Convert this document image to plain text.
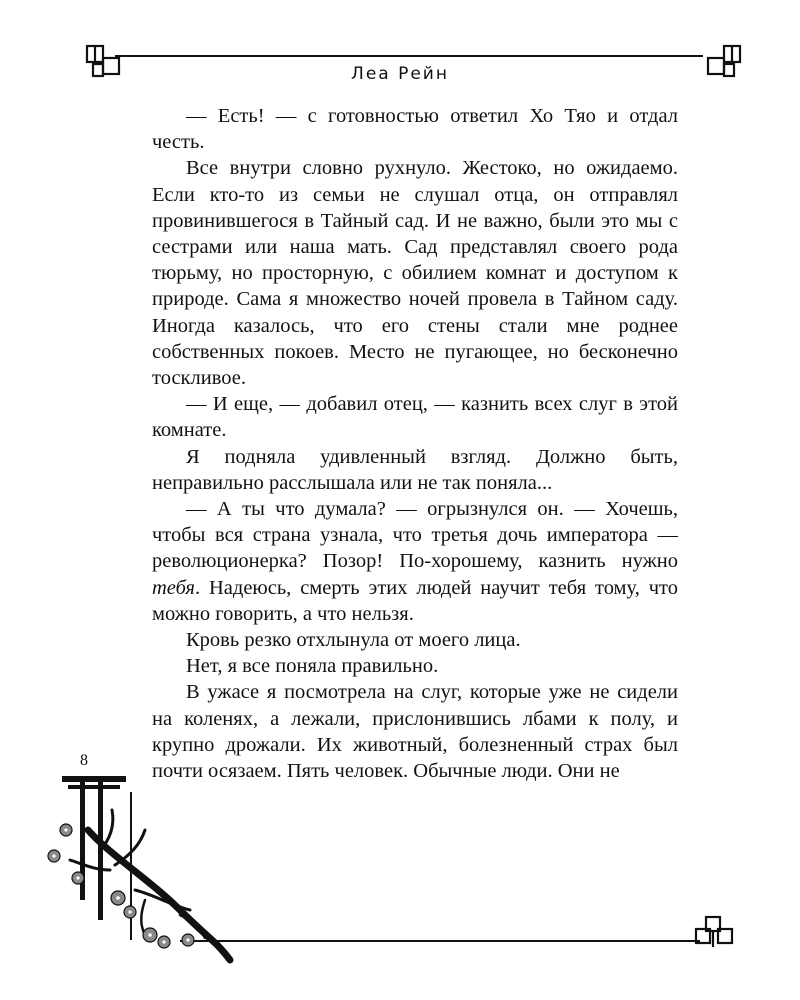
Леа Рейн

— Есть! — с готовностью ответил Хо Тяо и отдал честь.

Все внутри словно рухнуло. Жестоко, но ожидаемо. Если кто-то из семьи не слушал отца, он отправлял провинившегося в Тайный сад. И не важно, были это мы с сестрами или наша мать. Сад представлял своего рода тюрьму, но просторную, с обилием комнат и доступом к природе. Сама я множество ночей провела в Тайном саду. Иногда казалось, что его стены стали мне роднее собственных покоев. Место не пугающее, но бесконечно тоскливое.

— И еще, — добавил отец, — казнить всех слуг в этой комнате.

Я подняла удивленный взгляд. Должно быть, неправильно расслышала или не так поняла...

— А ты что думала? — огрызнулся он. — Хочешь, чтобы вся страна узнала, что третья дочь императора — революционерка? Позор! По-хорошему, казнить нужно тебя. Надеюсь, смерть этих людей научит тебя тому, что можно говорить, а что нельзя.

Кровь резко отхлынула от моего лица.

Нет, я все поняла правильно.

В ужасе я посмотрела на слуг, которые уже не сидели на коленях, а лежали, прислонившись лбами к полу, и крупно дрожали. Их животный, болезненный страх был почти осязаем. Пять человек. Обычные люди. Они не

8
